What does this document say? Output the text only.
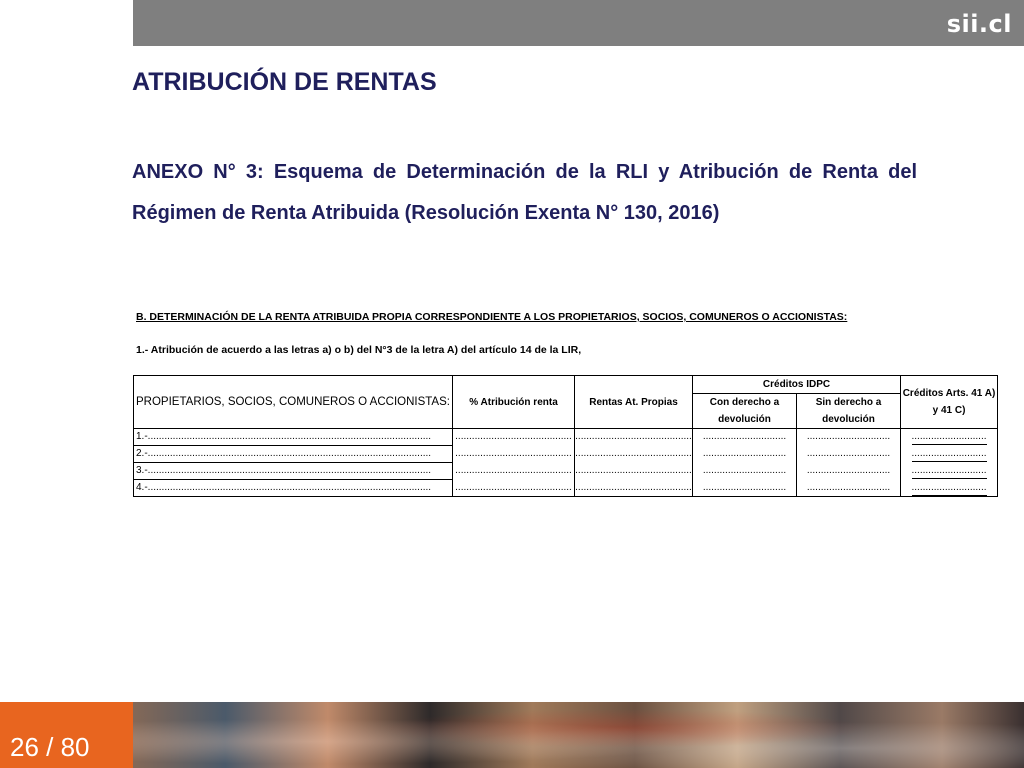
sii.cl
ATRIBUCIÓN DE RENTAS

ANEXO N° 3: Esquema de Determinación de la RLI y Atribución de Renta del Régimen de Renta Atribuida (Resolución Exenta N° 130, 2016)

B. DETERMINACIÓN DE LA RENTA ATRIBUIDA PROPIA CORRESPONDIENTE A LOS PROPIETARIOS, SOCIOS, COMUNEROS O ACCIONISTAS:

1.- Atribución de acuerdo a las letras a) o b) del N°3 de la letra A) del artículo 14 de la LIR,

PROPIETARIOS, SOCIOS, COMUNEROS O ACCIONISTAS:	% Atribución renta	Rentas At. Propias	Créditos IDPC		Créditos Arts. 41 A) y 41 C)
			Con derecho a devolución	Sin derecho a devolución	
1.-......................................................................................................	..........................................	..........................................	..............................	..............................	...........................
2.-......................................................................................................	..........................................	..........................................	..............................	..............................	...........................
3.-......................................................................................................	..........................................	..........................................	..............................	..............................	...........................
4.-......................................................................................................	..........................................	..........................................	..............................	..............................	...........................
26 / 80
